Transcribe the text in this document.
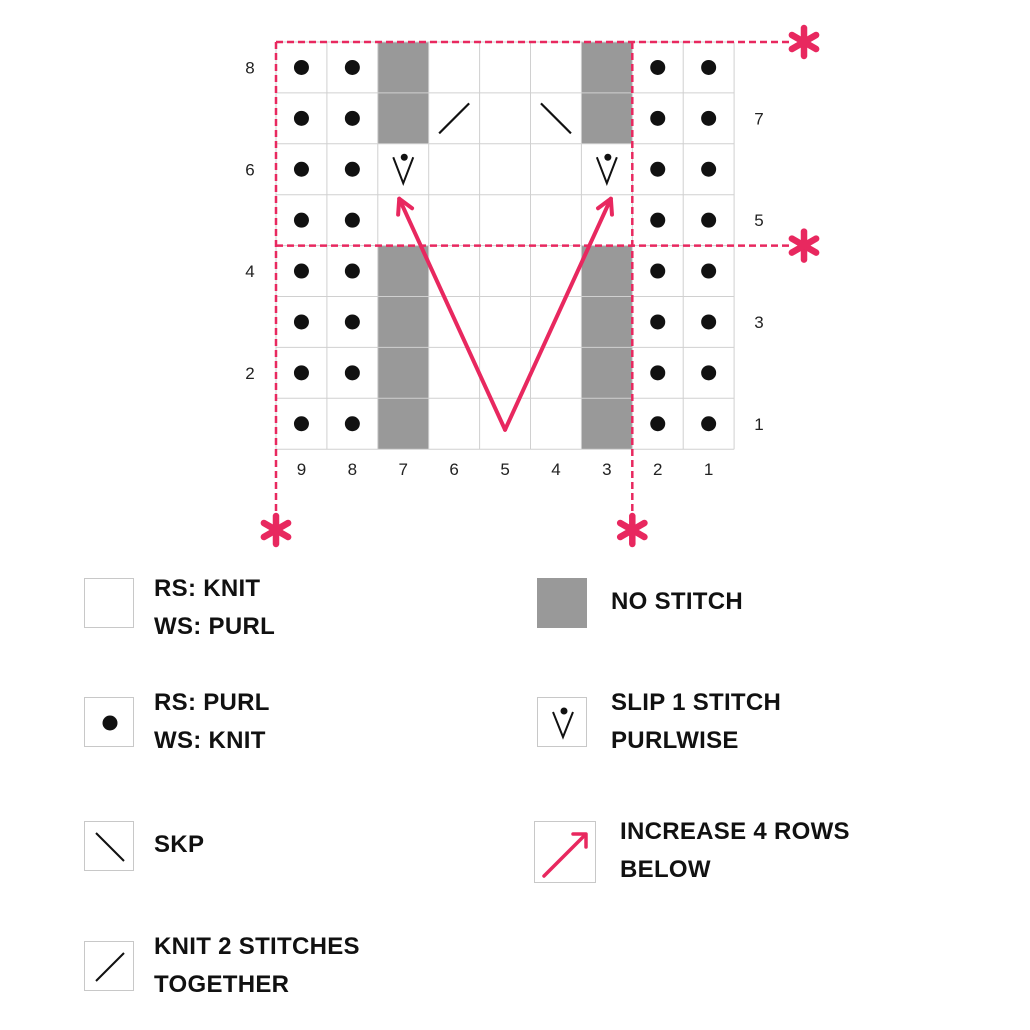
9 8 7 6 5 4 3 2 1
8
6
4
2
7
5
3
1
RS: KNIT
WS: PURL
RS: PURL
WS: KNIT
SKP
KNIT 2 STITCHES
TOGETHER
NO STITCH
SLIP 1 STITCH
PURLWISE
INCREASE 4 ROWS
BELOW
